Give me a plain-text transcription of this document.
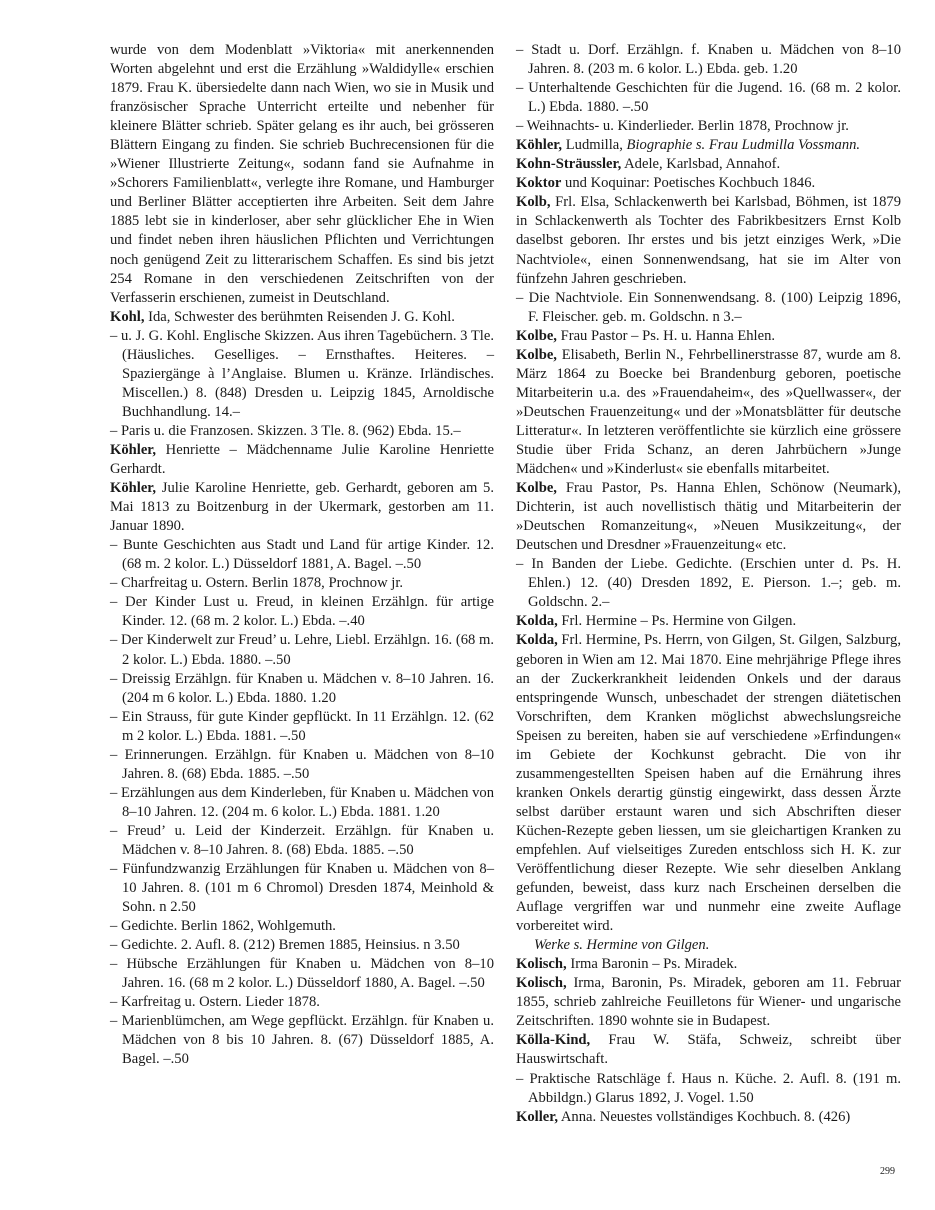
wurde von dem Modenblatt »Viktoria« mit anerkennenden Worten abgelehnt und erst die Erzählung »Waldidylle« erschien 1879. Frau K. übersiedelte dann nach Wien, wo sie in Musik und französischer Sprache Unterricht erteilte und nebenher für kleinere Blätter schrieb. Später gelang es ihr auch, bei grösseren Blättern Eingang zu finden. Sie schrieb Buchrecensionen für die »Wiener Illustrierte Zeitung«, sodann fand sie Aufnahme in »Schorers Familienblatt«, verlegte ihre Romane, und Hamburger und Berliner Blätter acceptierten ihre Arbeiten. Seit dem Jahre 1885 lebt sie in kinderloser, aber sehr glücklicher Ehe in Wien und findet neben ihren häuslichen Pflichten und Verrichtungen noch genügend Zeit zu litterarischem Schaffen. Es sind bis jetzt 254 Romane in den verschiedenen Zeitschriften von der Verfasserin erschienen, zumeist in Deutschland.

Kohl, Ida, Schwester des berühmten Reisenden J. G. Kohl.

– u. J. G. Kohl. Englische Skizzen. Aus ihren Tagebüchern. 3 Tle. (Häusliches. Geselliges. – Ernsthaftes. Heiteres. – Spaziergänge à l’Anglaise. Blumen u. Kränze. Irländisches. Miscellen.) 8. (848) Dresden u. Leipzig 1845, Arnoldische Buchhandlung. 14.–

– Paris u. die Franzosen. Skizzen. 3 Tle. 8. (962) Ebda. 15.–

Köhler, Henriette – Mädchenname Julie Karoline Henriette Gerhardt.

Köhler, Julie Karoline Henriette, geb. Gerhardt, geboren am 5. Mai 1813 zu Boitzenburg in der Ukermark, gestorben am 11. Januar 1890.

– Bunte Geschichten aus Stadt und Land für artige Kinder. 12. (68 m. 2 kolor. L.) Düsseldorf 1881, A. Bagel. –.50

– Charfreitag u. Ostern. Berlin 1878, Prochnow jr.

– Der Kinder Lust u. Freud, in kleinen Erzählgn. für artige Kinder. 12. (68 m. 2 kolor. L.) Ebda. –.40

– Der Kinderwelt zur Freud’ u. Lehre, Liebl. Erzählgn. 16. (68 m. 2 kolor. L.) Ebda. 1880. –.50

– Dreissig Erzählgn. für Knaben u. Mädchen v. 8–10 Jahren. 16. (204 m 6 kolor. L.) Ebda. 1880. 1.20

– Ein Strauss, für gute Kinder gepflückt. In 11 Erzählgn. 12. (62 m 2 kolor. L.) Ebda. 1881. –.50

– Erinnerungen. Erzählgn. für Knaben u. Mädchen von 8–10 Jahren. 8. (68) Ebda. 1885. –.50

– Erzählungen aus dem Kinderleben, für Knaben u. Mädchen von 8–10 Jahren. 12. (204 m. 6 kolor. L.) Ebda. 1881. 1.20

– Freud’ u. Leid der Kinderzeit. Erzählgn. für Knaben u. Mädchen v. 8–10 Jahren. 8. (68) Ebda. 1885. –.50

– Fünfundzwanzig Erzählungen für Knaben u. Mädchen von 8–10 Jahren. 8. (101 m 6 Chromol) Dresden 1874, Meinhold & Sohn. n 2.50

– Gedichte. Berlin 1862, Wohlgemuth.

– Gedichte. 2. Aufl. 8. (212) Bremen 1885, Heinsius. n 3.50

– Hübsche Erzählungen für Knaben u. Mädchen von 8–10 Jahren. 16. (68 m 2 kolor. L.) Düsseldorf 1880, A. Bagel. –.50

– Karfreitag u. Ostern. Lieder 1878.

– Marienblümchen, am Wege gepflückt. Erzählgn. für Knaben u. Mädchen von 8 bis 10 Jahren. 8. (67) Düsseldorf 1885, A. Bagel. –.50

– Stadt u. Dorf. Erzählgn. f. Knaben u. Mädchen von 8–10 Jahren. 8. (203 m. 6 kolor. L.) Ebda. geb. 1.20

– Unterhaltende Geschichten für die Jugend. 16. (68 m. 2 kolor. L.) Ebda. 1880. –.50

– Weihnachts- u. Kinderlieder. Berlin 1878, Prochnow jr.

Köhler, Ludmilla, Biographie s. Frau Ludmilla Vossmann.

Kohn-Sträussler, Adele, Karlsbad, Annahof.

Koktor und Koquinar: Poetisches Kochbuch 1846.

Kolb, Frl. Elsa, Schlackenwerth bei Karlsbad, Böhmen, ist 1879 in Schlackenwerth als Tochter des Fabrikbesitzers Ernst Kolb daselbst geboren. Ihr erstes und bis jetzt einziges Werk, »Die Nachtviole«, einen Sonnenwendsang, hat sie im Alter von fünfzehn Jahren geschrieben.

– Die Nachtviole. Ein Sonnenwendsang. 8. (100) Leipzig 1896, F. Fleischer. geb. m. Goldschn. n 3.–

Kolbe, Frau Pastor – Ps. H. u. Hanna Ehlen.

Kolbe, Elisabeth, Berlin N., Fehrbellinerstrasse 87, wurde am 8. März 1864 zu Boecke bei Brandenburg geboren, poetische Mitarbeiterin u.a. des »Frauendaheim«, des »Quellwasser«, der »Deutschen Frauenzeitung« und der »Monatsblätter für deutsche Litteratur«. In letzteren veröffentlichte sie kürzlich eine grössere Studie über Frida Schanz, an deren Jahrbüchern »Junge Mädchen« und »Kinderlust« sie ebenfalls mitarbeitet.

Kolbe, Frau Pastor, Ps. Hanna Ehlen, Schönow (Neumark), Dichterin, ist auch novellistisch thätig und Mitarbeiterin der »Deutschen Romanzeitung«, »Neuen Musikzeitung«, der Deutschen und Dresdner »Frauenzeitung« etc.

– In Banden der Liebe. Gedichte. (Erschien unter d. Ps. H. Ehlen.) 12. (40) Dresden 1892, E. Pierson. 1.–; geb. m. Goldschn. 2.–

Kolda, Frl. Hermine – Ps. Hermine von Gilgen.

Kolda, Frl. Hermine, Ps. Herrn, von Gilgen, St. Gilgen, Salzburg, geboren in Wien am 12. Mai 1870. Eine mehrjährige Pflege ihres an der Zuckerkrankheit leidenden Onkels und der daraus entspringende Wunsch, unbeschadet der strengen diätetischen Vorschriften, dem Kranken möglichst abwechslungsreiche Speisen zu bereiten, haben sie auf verschiedene »Erfindungen« im Gebiete der Kochkunst gebracht. Die von ihr zusammengestellten Speisen haben auf die Ernährung ihres kranken Onkels derartig günstig eingewirkt, dass dessen Ärzte selbst darüber erstaunt waren und sich Abschriften dieser Küchen-Rezepte geben liessen, um sie gleichartigen Kranken zu empfehlen. Auf vielseitiges Zureden entschloss sich H. K. zur Veröffentlichung dieser Rezepte. Wie sehr dieselben Anklang gefunden, beweist, dass kurz nach Erscheinen derselben die Auflage vergriffen war und nunmehr eine zweite Auflage vorbereitet wird.

Werke s. Hermine von Gilgen.

Kolisch, Irma Baronin – Ps. Miradek.

Kolisch, Irma, Baronin, Ps. Miradek, geboren am 11. Februar 1855, schrieb zahlreiche Feuilletons für Wiener- und ungarische Zeitschriften. 1890 wohnte sie in Budapest.

Kölla-Kind, Frau W. Stäfa, Schweiz, schreibt über Hauswirtschaft.

– Praktische Ratschläge f. Haus n. Küche. 2. Aufl. 8. (191 m. Abbildgn.) Glarus 1892, J. Vogel. 1.50

Koller, Anna. Neuestes vollständiges Kochbuch. 8. (426)

299
